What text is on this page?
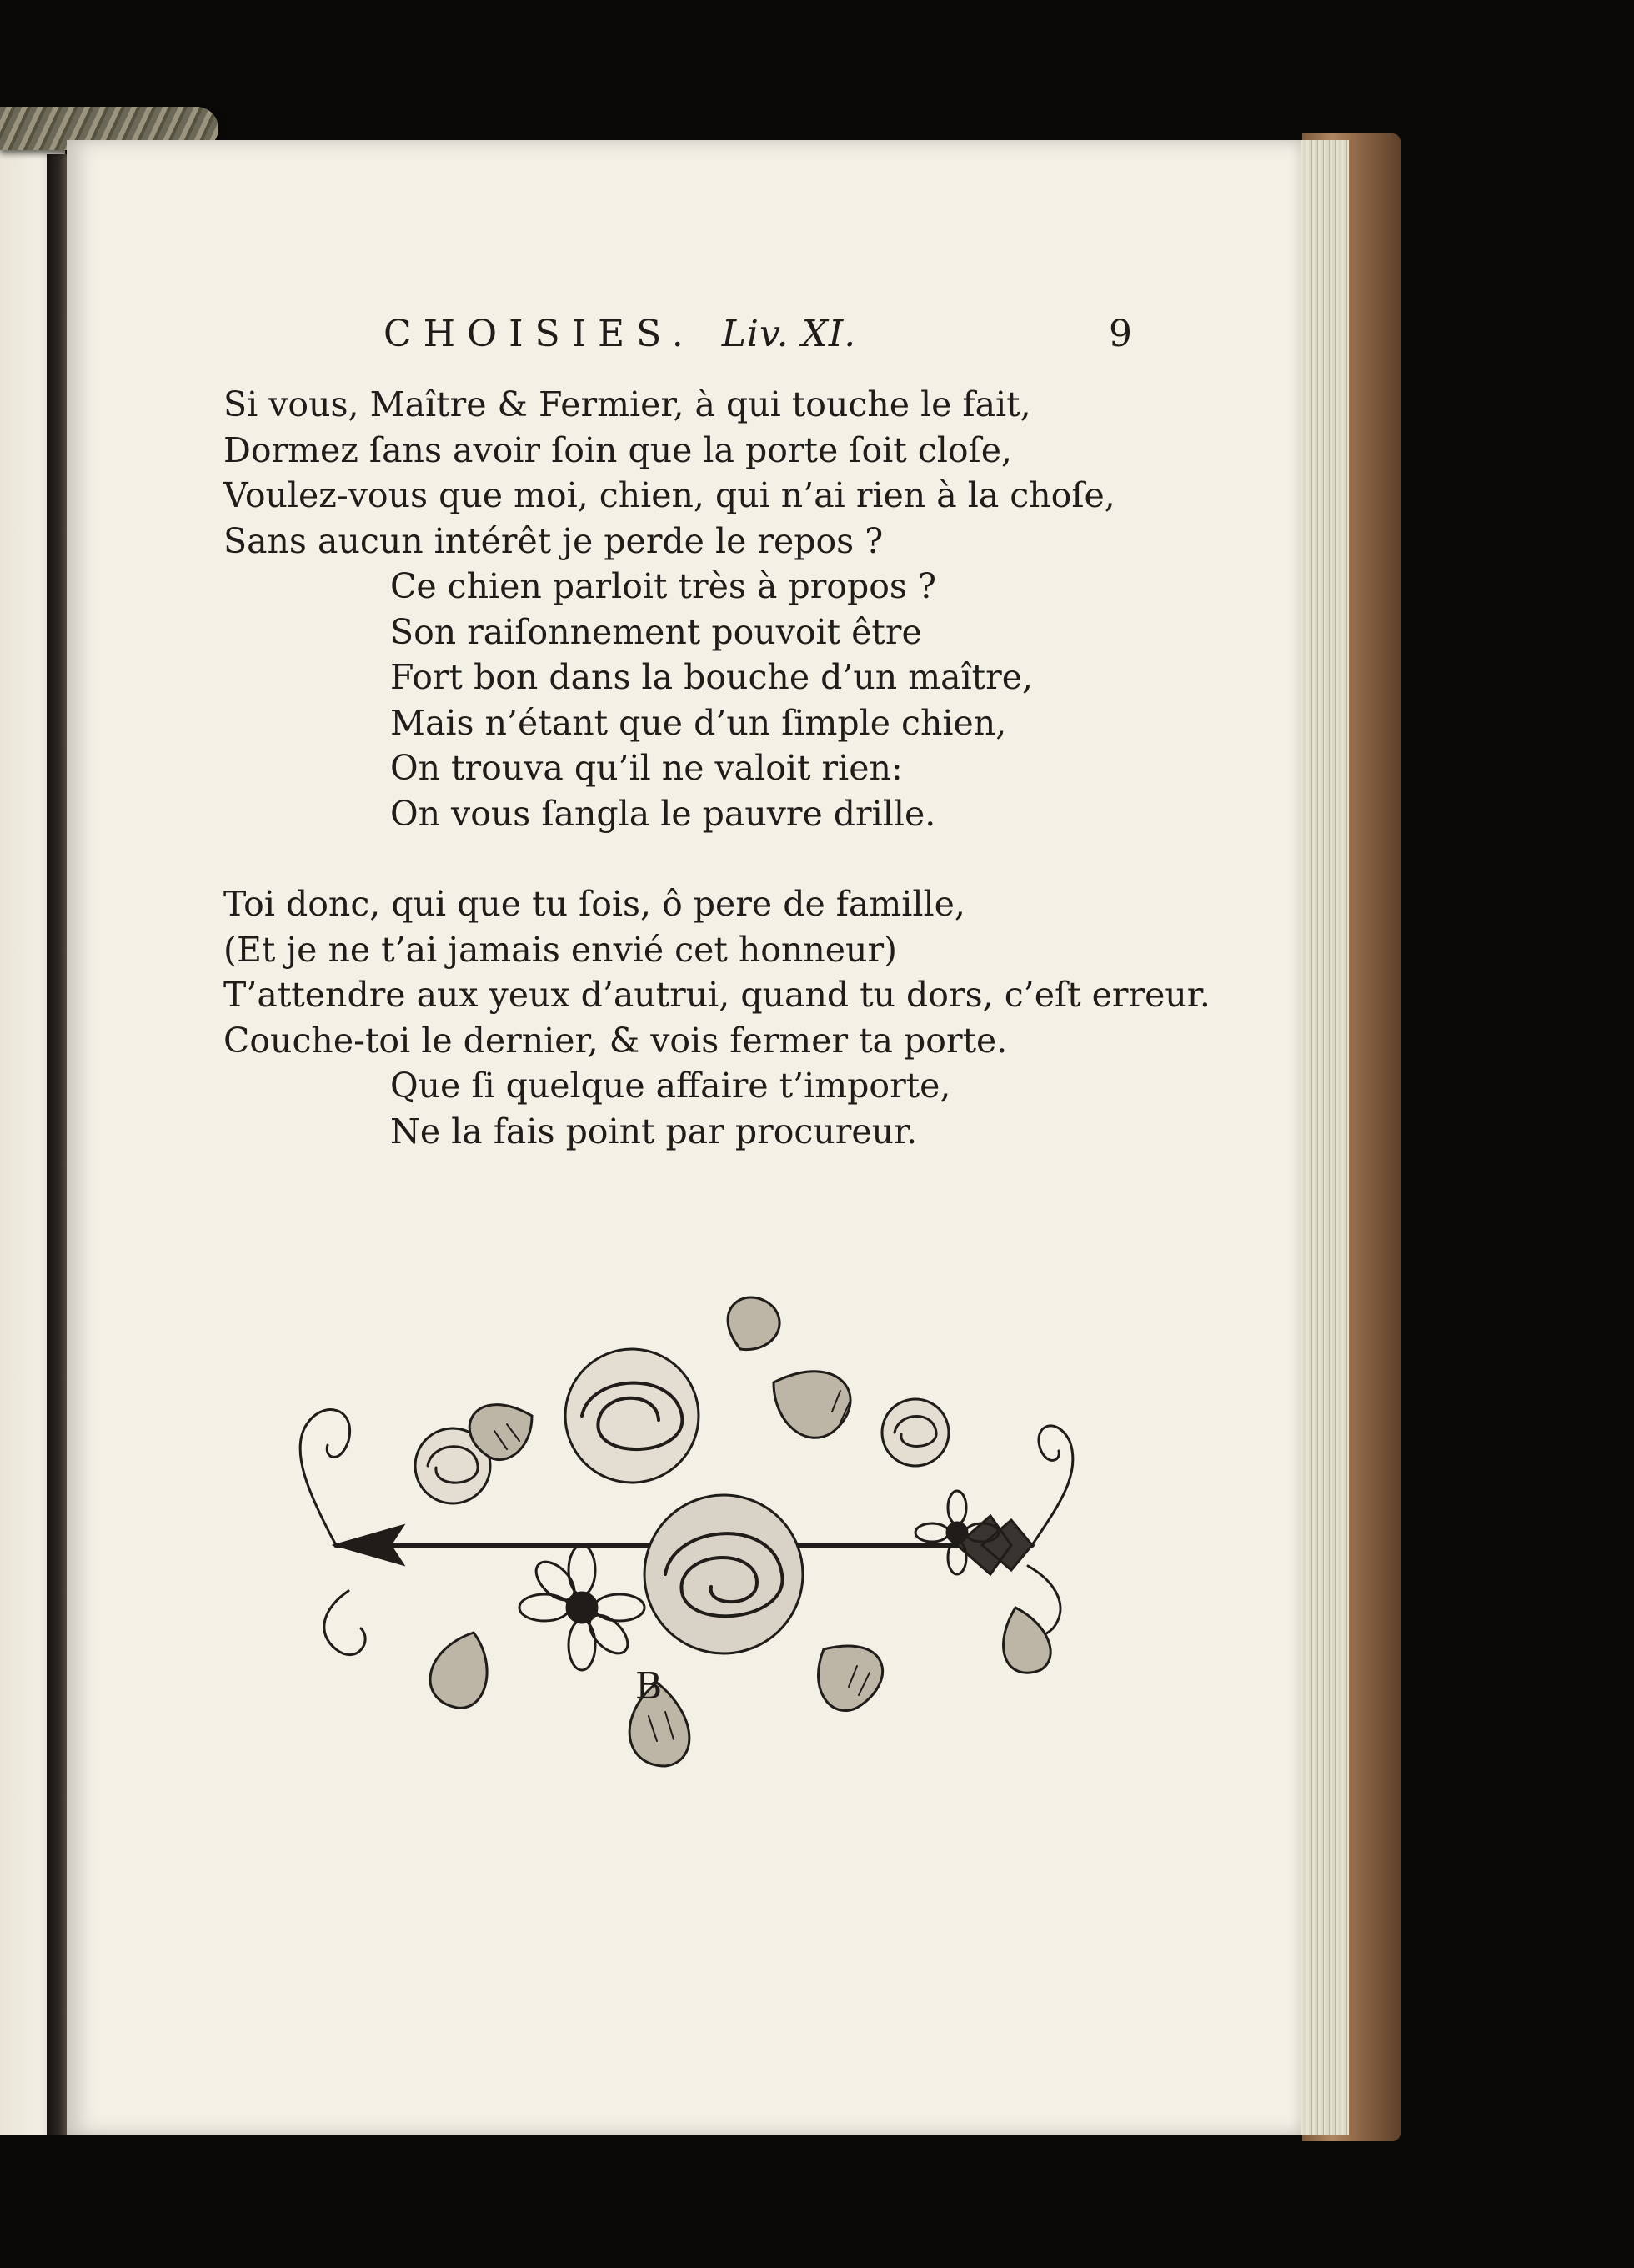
CHOISIES. Liv. XI.	9
Si vous, Maître & Fermier, à qui touche le fait,
Dormez ſans avoir ſoin que la porte ſoit cloſe,
Voulez-vous que moi, chien, qui n’ai rien à la choſe,
Sans aucun intérêt je perde le repos ?
Ce chien parloit très à propos ?
Son raiſonnement pouvoit être
Fort bon dans la bouche d’un maître,
Mais n’étant que d’un ſimple chien,
On trouva qu’il ne valoit rien:
On vous ſangla le pauvre drille.
Toi donc, qui que tu ſois, ô pere de famille,
(Et je ne t’ai jamais envié cet honneur)
T’attendre aux yeux d’autrui, quand tu dors, c’eſt erreur.
Couche-toi le dernier, & vois fermer ta porte.
Que ſi quelque affaire t’importe,
Ne la fais point par procureur.
B
